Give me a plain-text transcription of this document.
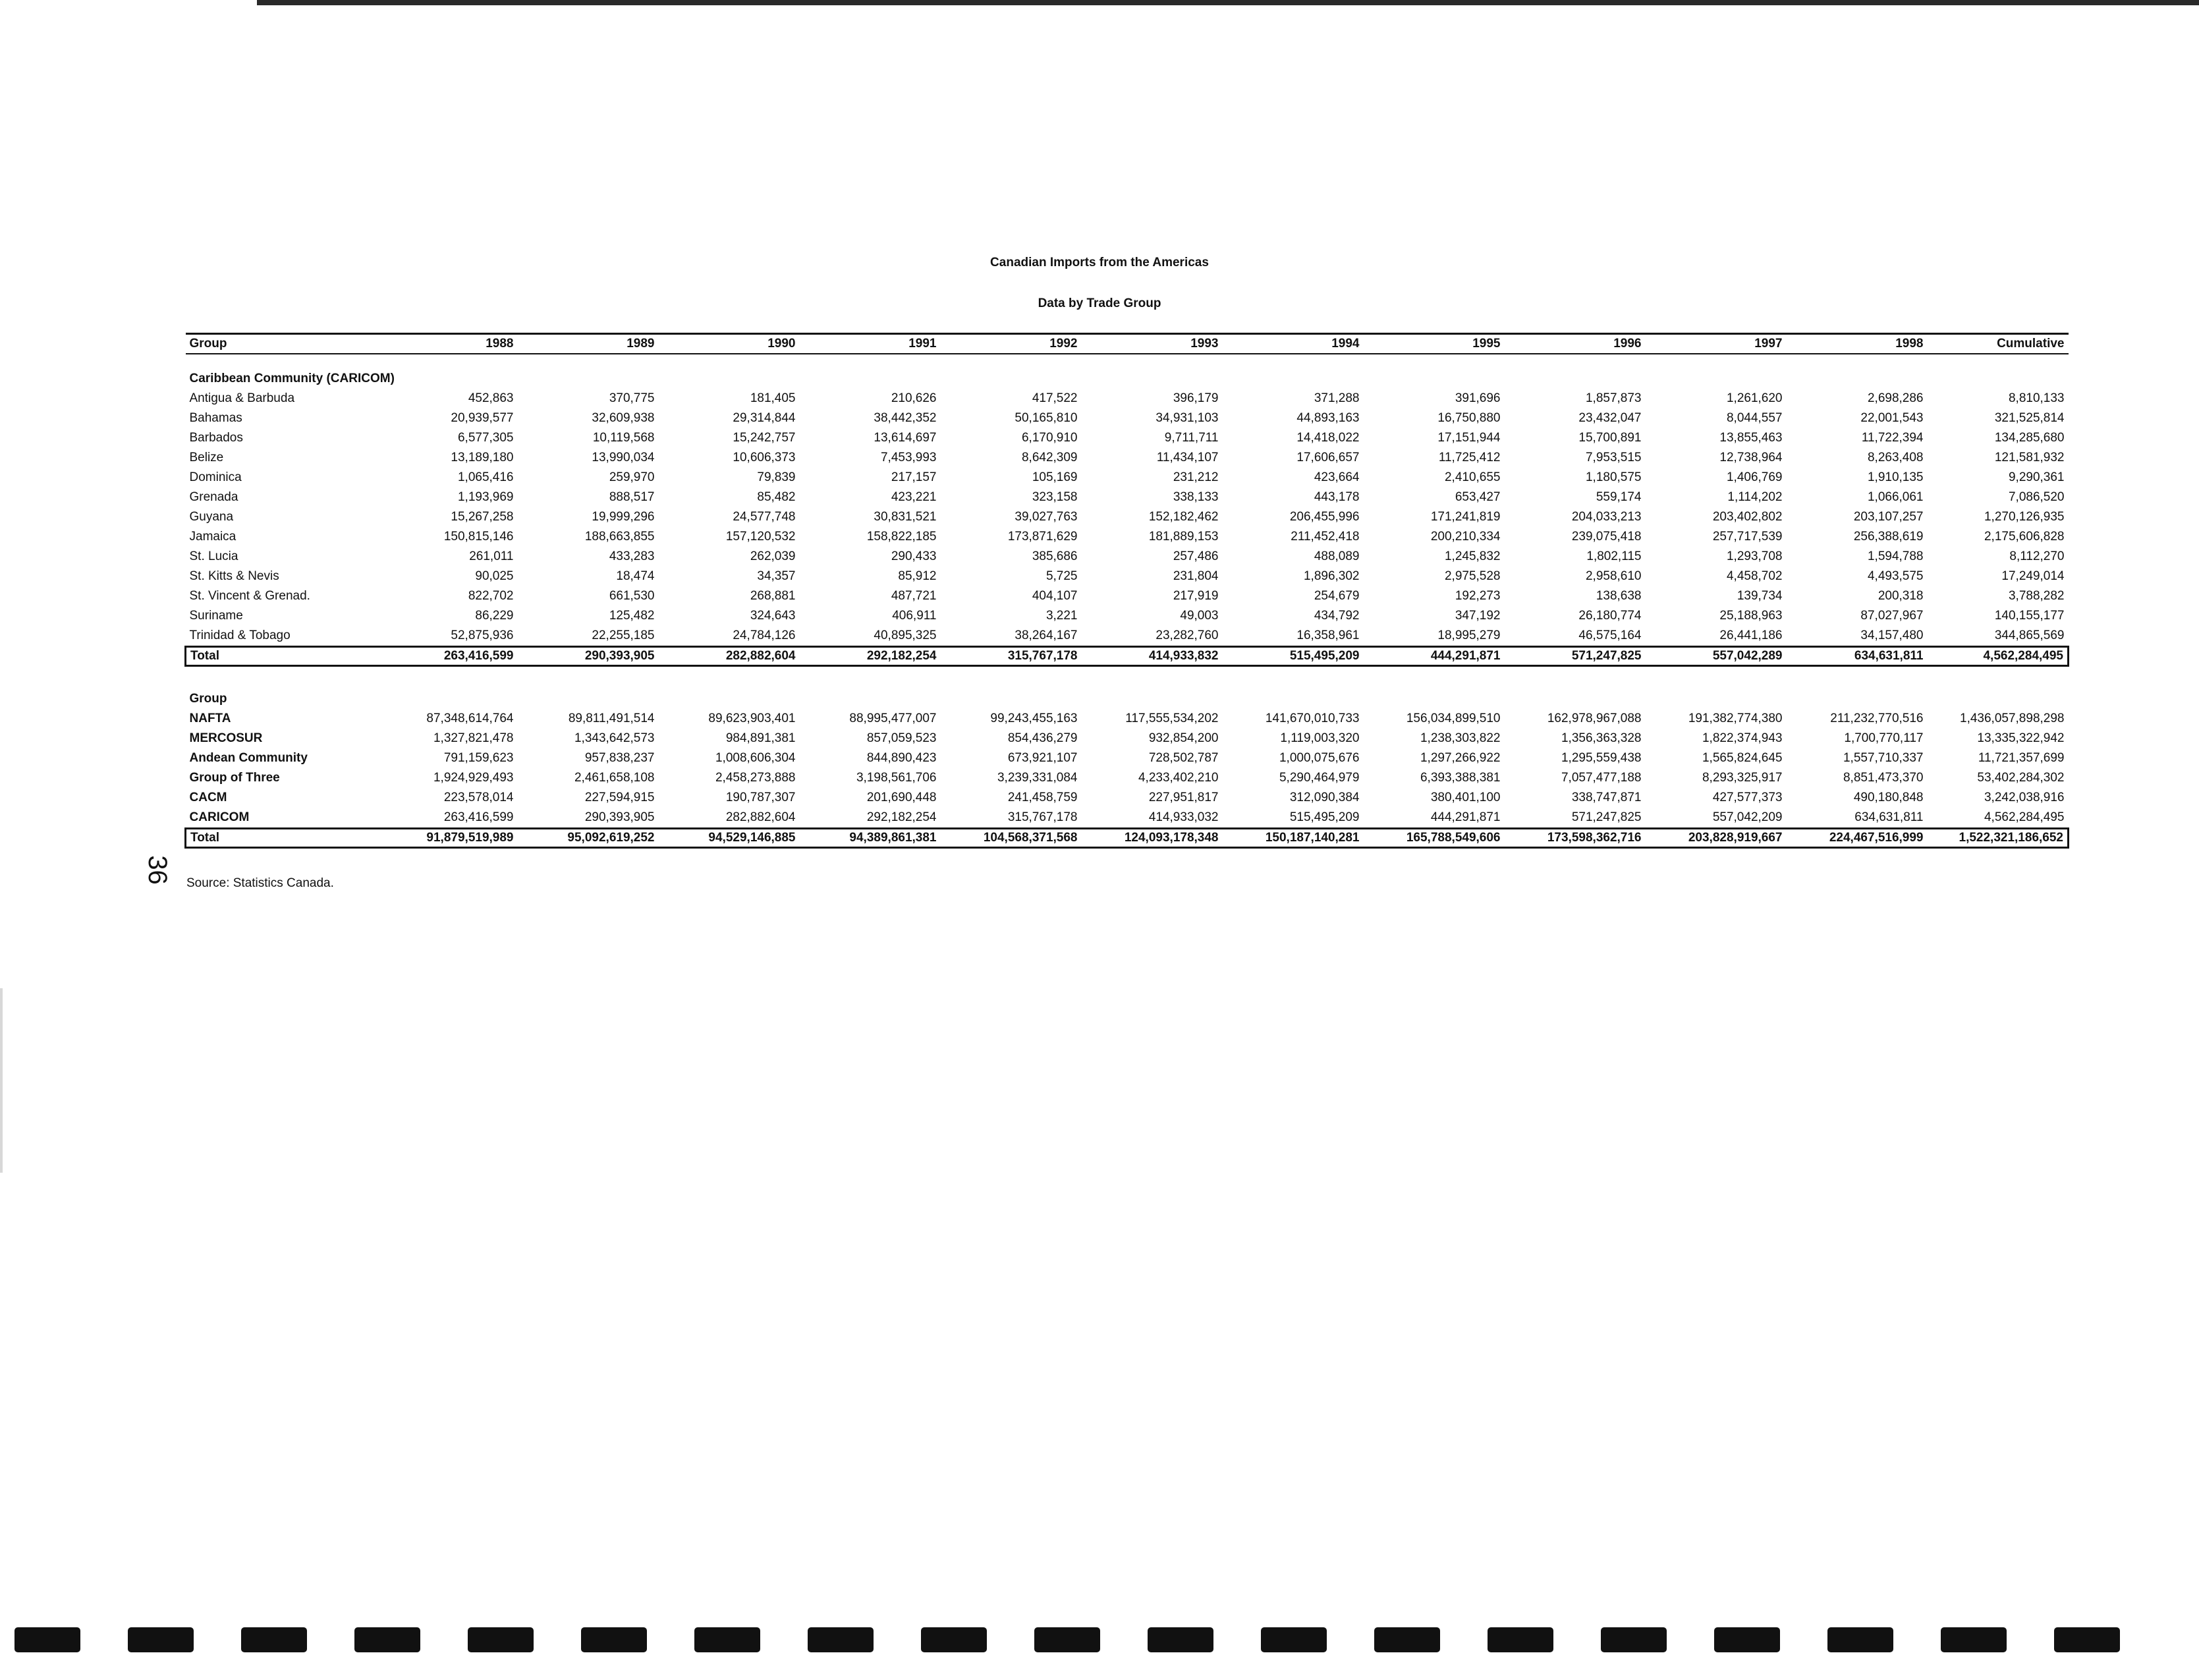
Canadian Imports from the Americas
Data by Trade Group
36
Group	1988	1989	1990	1991	1992	1993	1994	1995	1996	1997	1998	Cumulative

Caribbean Community (CARICOM)												
Antigua & Barbuda	452,863	370,775	181,405	210,626	417,522	396,179	371,288	391,696	1,857,873	1,261,620	2,698,286	8,810,133
Bahamas	20,939,577	32,609,938	29,314,844	38,442,352	50,165,810	34,931,103	44,893,163	16,750,880	23,432,047	8,044,557	22,001,543	321,525,814
Barbados	6,577,305	10,119,568	15,242,757	13,614,697	6,170,910	9,711,711	14,418,022	17,151,944	15,700,891	13,855,463	11,722,394	134,285,680
Belize	13,189,180	13,990,034	10,606,373	7,453,993	8,642,309	11,434,107	17,606,657	11,725,412	7,953,515	12,738,964	8,263,408	121,581,932
Dominica	1,065,416	259,970	79,839	217,157	105,169	231,212	423,664	2,410,655	1,180,575	1,406,769	1,910,135	9,290,361
Grenada	1,193,969	888,517	85,482	423,221	323,158	338,133	443,178	653,427	559,174	1,114,202	1,066,061	7,086,520
Guyana	15,267,258	19,999,296	24,577,748	30,831,521	39,027,763	152,182,462	206,455,996	171,241,819	204,033,213	203,402,802	203,107,257	1,270,126,935
Jamaica	150,815,146	188,663,855	157,120,532	158,822,185	173,871,629	181,889,153	211,452,418	200,210,334	239,075,418	257,717,539	256,388,619	2,175,606,828
St. Lucia	261,011	433,283	262,039	290,433	385,686	257,486	488,089	1,245,832	1,802,115	1,293,708	1,594,788	8,112,270
St. Kitts & Nevis	90,025	18,474	34,357	85,912	5,725	231,804	1,896,302	2,975,528	2,958,610	4,458,702	4,493,575	17,249,014
St. Vincent & Grenad.	822,702	661,530	268,881	487,721	404,107	217,919	254,679	192,273	138,638	139,734	200,318	3,788,282
Suriname	86,229	125,482	324,643	406,911	3,221	49,003	434,792	347,192	26,180,774	25,188,963	87,027,967	140,155,177
Trinidad & Tobago	52,875,936	22,255,185	24,784,126	40,895,325	38,264,167	23,282,760	16,358,961	18,995,279	46,575,164	26,441,186	34,157,480	344,865,569
Total	263,416,599	290,393,905	282,882,604	292,182,254	315,767,178	414,933,832	515,495,209	444,291,871	571,247,825	557,042,289	634,631,811	4,562,284,495

Group												
NAFTA	87,348,614,764	89,811,491,514	89,623,903,401	88,995,477,007	99,243,455,163	117,555,534,202	141,670,010,733	156,034,899,510	162,978,967,088	191,382,774,380	211,232,770,516	1,436,057,898,298
MERCOSUR	1,327,821,478	1,343,642,573	984,891,381	857,059,523	854,436,279	932,854,200	1,119,003,320	1,238,303,822	1,356,363,328	1,822,374,943	1,700,770,117	13,335,322,942
Andean Community	791,159,623	957,838,237	1,008,606,304	844,890,423	673,921,107	728,502,787	1,000,075,676	1,297,266,922	1,295,559,438	1,565,824,645	1,557,710,337	11,721,357,699
Group of Three	1,924,929,493	2,461,658,108	2,458,273,888	3,198,561,706	3,239,331,084	4,233,402,210	5,290,464,979	6,393,388,381	7,057,477,188	8,293,325,917	8,851,473,370	53,402,284,302
CACM	223,578,014	227,594,915	190,787,307	201,690,448	241,458,759	227,951,817	312,090,384	380,401,100	338,747,871	427,577,373	490,180,848	3,242,038,916
CARICOM	263,416,599	290,393,905	282,882,604	292,182,254	315,767,178	414,933,032	515,495,209	444,291,871	571,247,825	557,042,209	634,631,811	4,562,284,495
Total	91,879,519,989	95,092,619,252	94,529,146,885	94,389,861,381	104,568,371,568	124,093,178,348	150,187,140,281	165,788,549,606	173,598,362,716	203,828,919,667	224,467,516,999	1,522,321,186,652
Source: Statistics Canada.
